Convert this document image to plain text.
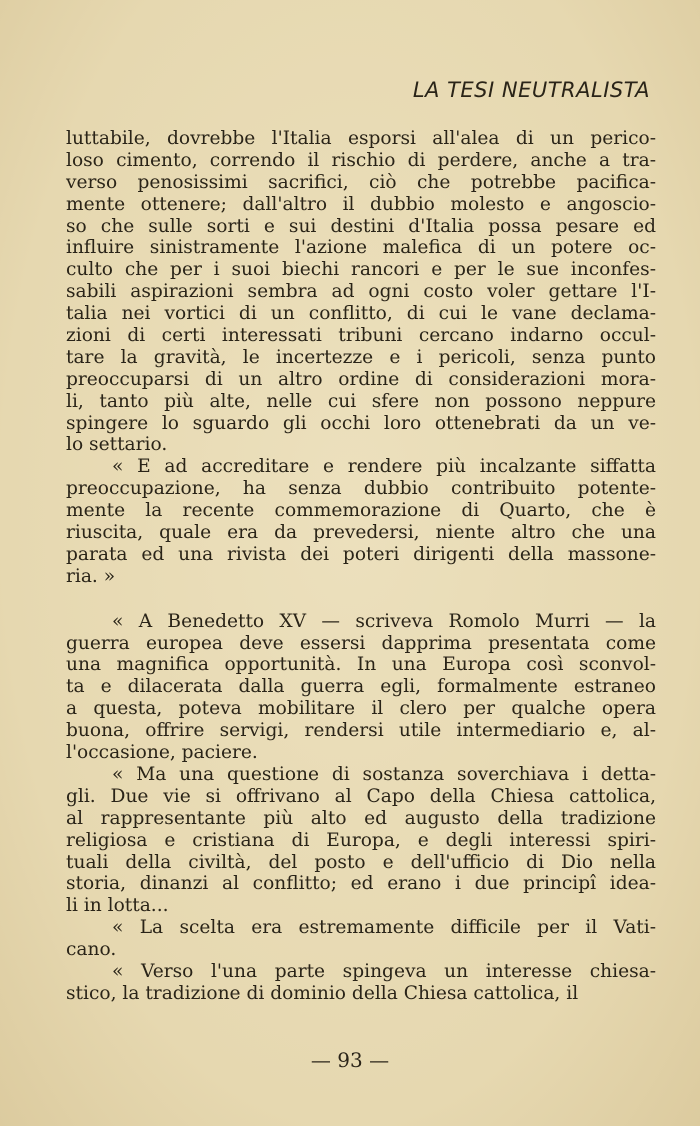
LA TESI NEUTRALISTA
luttabile, dovrebbe l'Italia esporsi all'alea di un perico-
loso cimento, correndo il rischio di perdere, anche a tra-
verso penosissimi sacrifici, ciò che potrebbe pacifica-
mente ottenere; dall'altro il dubbio molesto e angoscio-
so che sulle sorti e sui destini d'Italia possa pesare ed
influire sinistramente l'azione malefica di un potere oc-
culto che per i suoi biechi rancori e per le sue inconfes-
sabili aspirazioni sembra ad ogni costo voler gettare l'I-
talia nei vortici di un conflitto, di cui le vane declama-
zioni di certi interessati tribuni cercano indarno occul-
tare la gravità, le incertezze e i pericoli, senza punto
preoccuparsi di un altro ordine di considerazioni mora-
li, tanto più alte, nelle cui sfere non possono neppure
spingere lo sguardo gli occhi loro ottenebrati da un ve-
lo settario.
« E ad accreditare e rendere più incalzante siffatta
preoccupazione, ha senza dubbio contribuito potente-
mente la recente commemorazione di Quarto, che è
riuscita, quale era da prevedersi, niente altro che una
parata ed una rivista dei poteri dirigenti della massone-
ria. »
« A Benedetto XV — scriveva Romolo Murri — la
guerra europea deve essersi dapprima presentata come
una magnifica opportunità. In una Europa così sconvol-
ta e dilacerata dalla guerra egli, formalmente estraneo
a questa, poteva mobilitare il clero per qualche opera
buona, offrire servigi, rendersi utile intermediario e, al-
l'occasione, paciere.
« Ma una questione di sostanza soverchiava i detta-
gli. Due vie si offrivano al Capo della Chiesa cattolica,
al rappresentante più alto ed augusto della tradizione
religiosa e cristiana di Europa, e degli interessi spiri-
tuali della civiltà, del posto e dell'ufficio di Dio nella
storia, dinanzi al conflitto; ed erano i due principî idea-
li in lotta...
« La scelta era estremamente difficile per il Vati-
cano.
« Verso l'una parte spingeva un interesse chiesa-
stico, la tradizione di dominio della Chiesa cattolica, il
— 93 —
